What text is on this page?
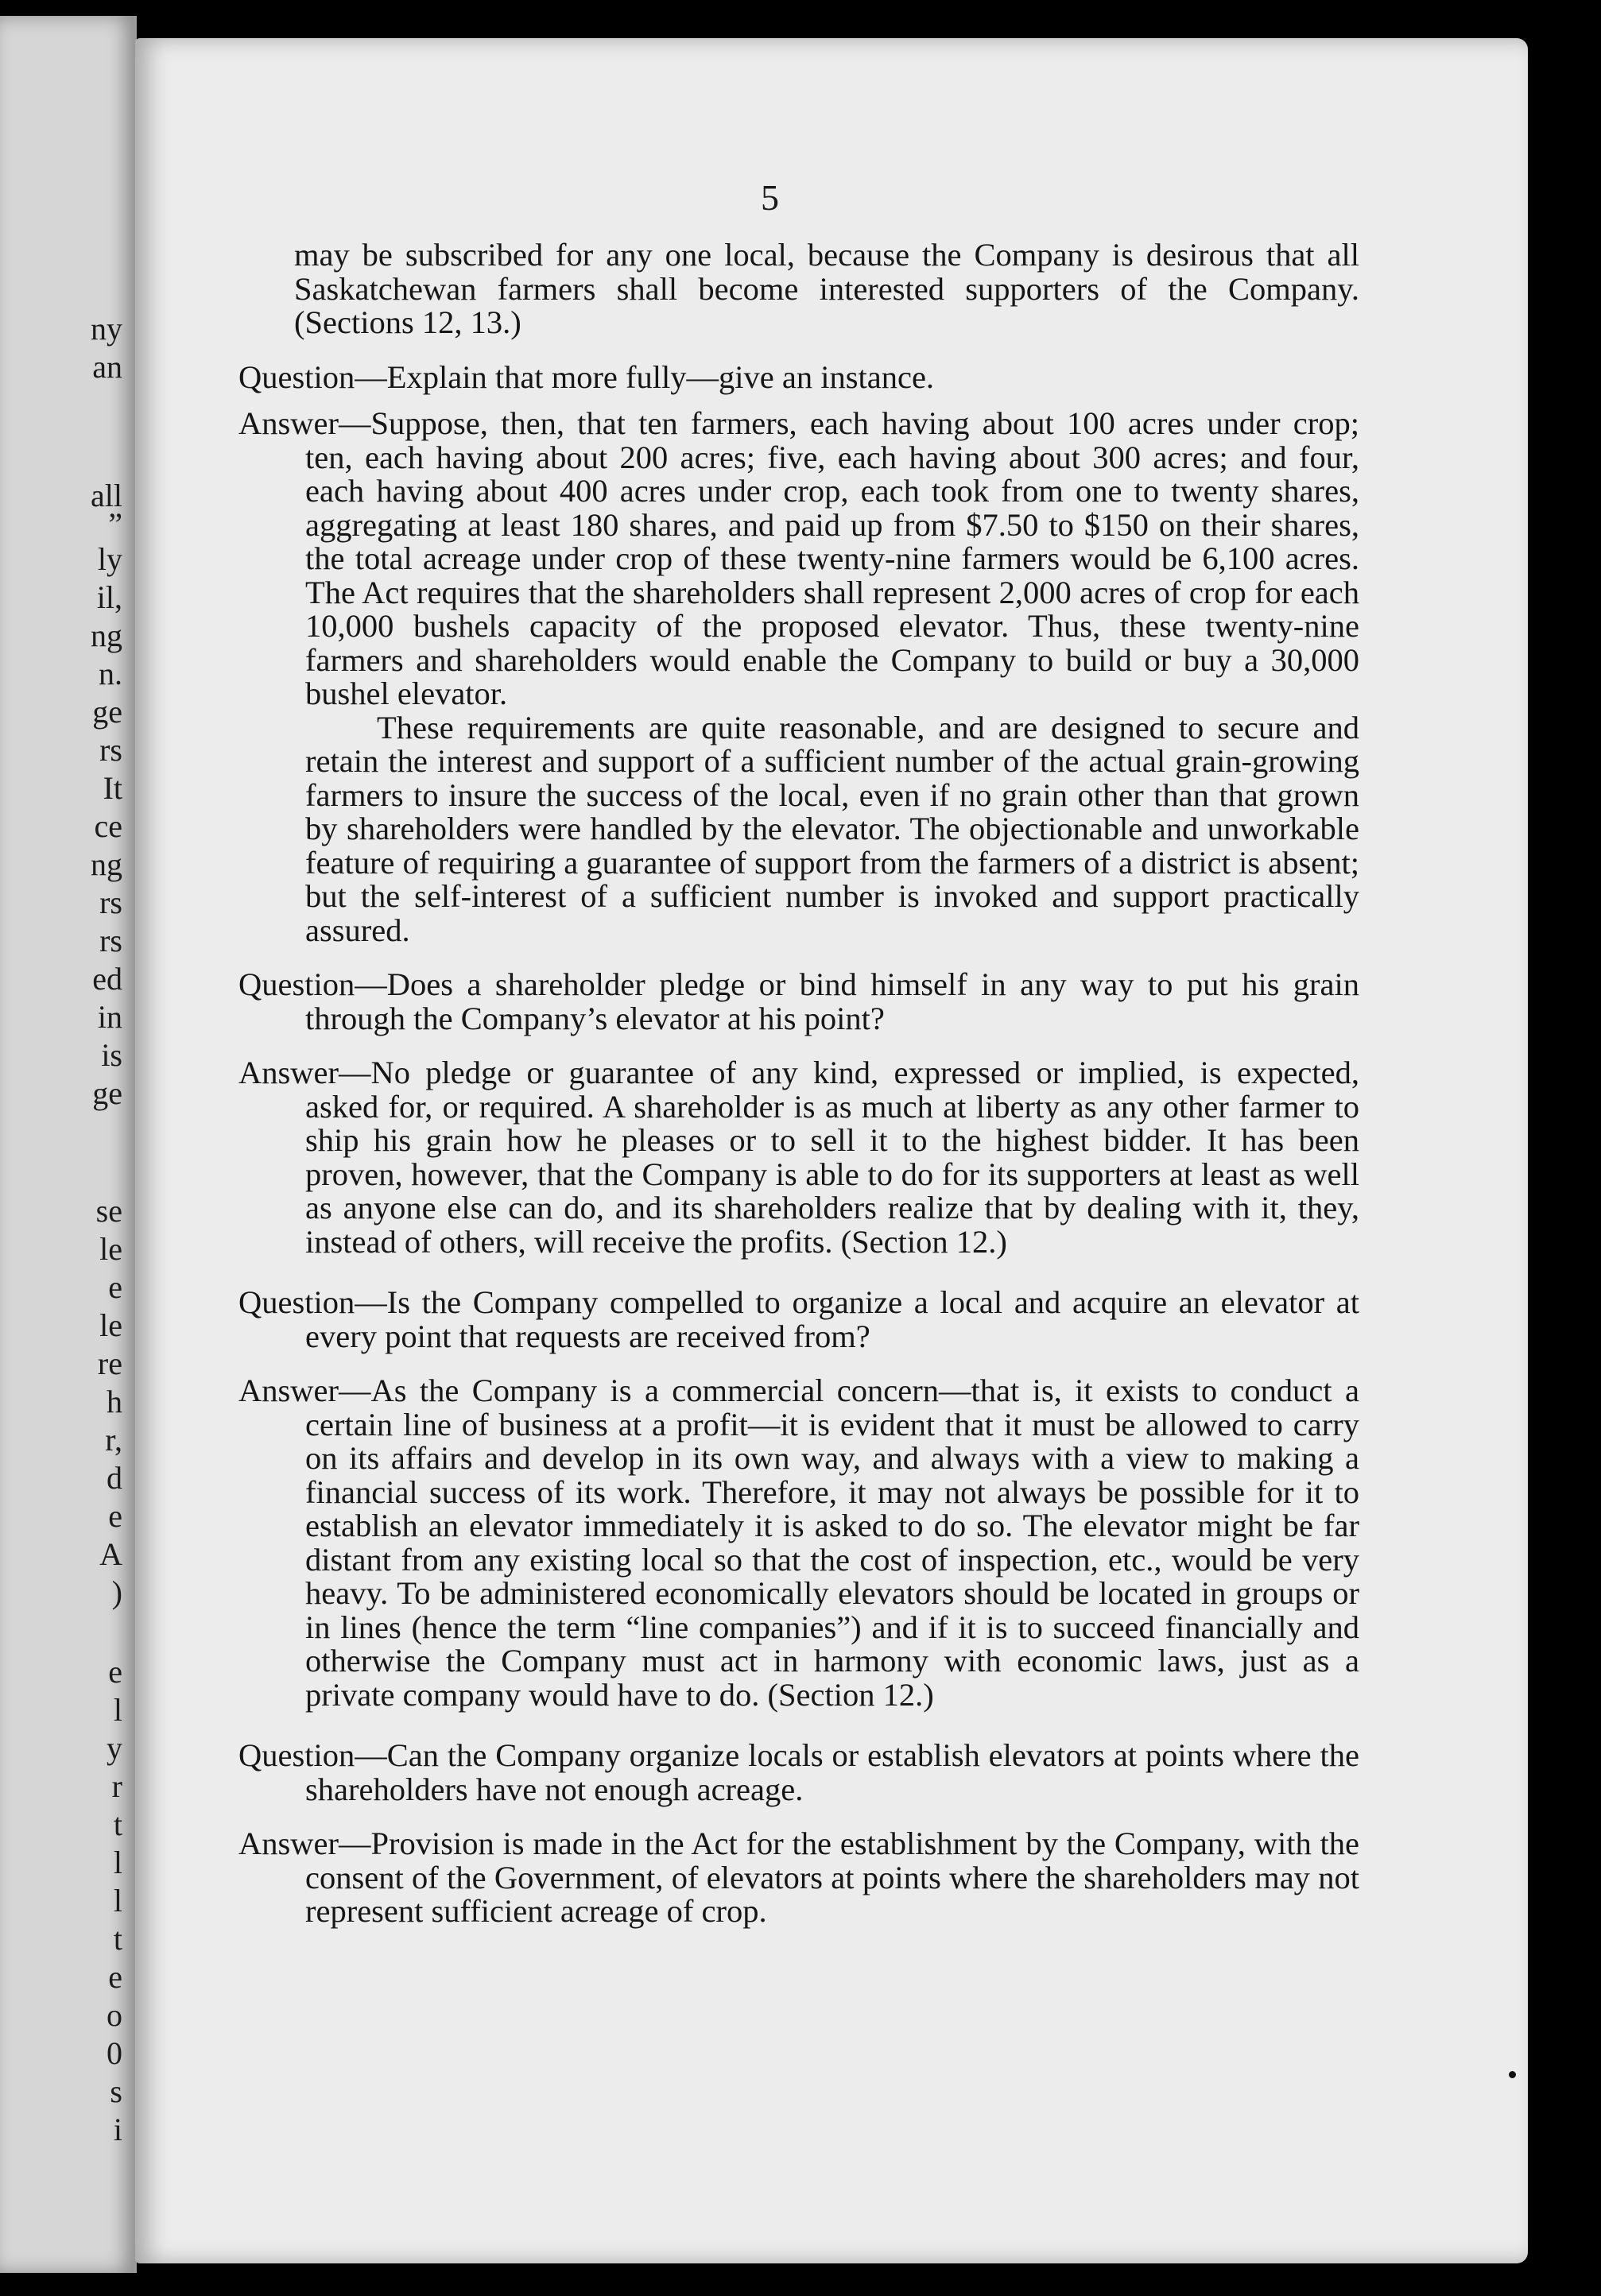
ny
an
all
”
ly
il,
ng
n.
ge
rs
It
ce
ng
rs
rs
ed
in
is
ge
se
le
e
le
re
h
r,
d
e
A
)
e
l
y
r
t
l
l
t
e
o
0
s
i
5

may be subscribed for any one local, because the Company is desirous that all Saskatchewan farmers shall become interested supporters of the Company. (Sections 12, 13.)

Question—Explain that more fully—give an instance.

Answer—Suppose, then, that ten farmers, each having about 100 acres under crop; ten, each having about 200 acres; five, each having about 300 acres; and four, each having about 400 acres under crop, each took from one to twenty shares, aggregating at least 180 shares, and paid up from $7.50 to $150 on their shares, the total acreage under crop of these twenty-nine farmers would be 6,100 acres. The Act requires that the shareholders shall represent 2,000 acres of crop for each 10,000 bushels capacity of the proposed elevator. Thus, these twenty-nine farmers and shareholders would enable the Company to build or buy a 30,000 bushel elevator.

These requirements are quite reasonable, and are designed to secure and retain the interest and support of a sufficient number of the actual grain-growing farmers to insure the success of the local, even if no grain other than that grown by shareholders were handled by the elevator. The objectionable and unworkable feature of requiring a guarantee of support from the farmers of a district is absent; but the self-interest of a sufficient number is invoked and support practically assured.

Question—Does a shareholder pledge or bind himself in any way to put his grain through the Company’s elevator at his point?

Answer—No pledge or guarantee of any kind, expressed or implied, is expected, asked for, or required. A shareholder is as much at liberty as any other farmer to ship his grain how he pleases or to sell it to the highest bidder. It has been proven, however, that the Company is able to do for its supporters at least as well as anyone else can do, and its shareholders realize that by dealing with it, they, instead of others, will receive the profits. (Section 12.)

Question—Is the Company compelled to organize a local and acquire an elevator at every point that requests are received from?

Answer—As the Company is a commercial concern—that is, it exists to conduct a certain line of business at a profit—it is evident that it must be allowed to carry on its affairs and develop in its own way, and always with a view to making a financial success of its work. Therefore, it may not always be possible for it to establish an elevator immediately it is asked to do so. The elevator might be far distant from any existing local so that the cost of inspection, etc., would be very heavy. To be administered economically elevators should be located in groups or in lines (hence the term “line companies”) and if it is to succeed financially and otherwise the Company must act in harmony with economic laws, just as a private company would have to do. (Section 12.)

Question—Can the Company organize locals or establish elevators at points where the shareholders have not enough acreage.

Answer—Provision is made in the Act for the establishment by the Company, with the consent of the Government, of elevators at points where the shareholders may not represent sufficient acreage of crop.
